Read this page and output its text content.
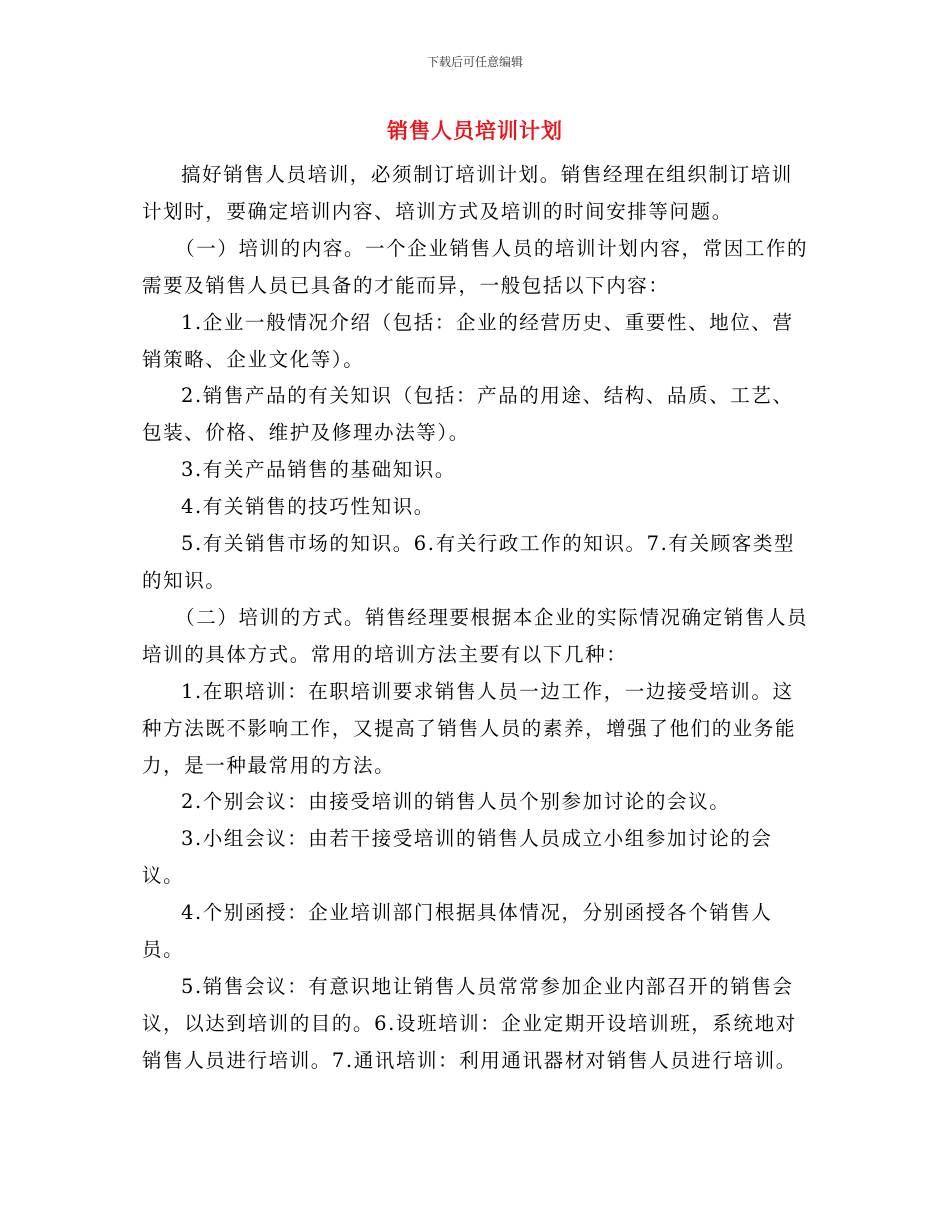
下载后可任意编辑
销售人员培训计划

搞好销售人员培训，必须制订培训计划。销售经理在组织制订培训计划时，要确定培训内容、培训方式及培训的时间安排等问题。

（一）培训的内容。一个企业销售人员的培训计划内容，常因工作的需要及销售人员已具备的才能而异，一般包括以下内容：

1.企业一般情况介绍（包括：企业的经营历史、重要性、地位、营销策略、企业文化等）。

2.销售产品的有关知识（包括：产品的用途、结构、品质、工艺、包装、价格、维护及修理办法等）。

3.有关产品销售的基础知识。

4.有关销售的技巧性知识。

5.有关销售市场的知识。6.有关行政工作的知识。7.有关顾客类型的知识。

（二）培训的方式。销售经理要根据本企业的实际情况确定销售人员培训的具体方式。常用的培训方法主要有以下几种：

1.在职培训：在职培训要求销售人员一边工作，一边接受培训。这种方法既不影响工作，又提高了销售人员的素养，增强了他们的业务能力，是一种最常用的方法。

2.个别会议：由接受培训的销售人员个别参加讨论的会议。

3.小组会议：由若干接受培训的销售人员成立小组参加讨论的会议。

4.个别函授：企业培训部门根据具体情况，分别函授各个销售人员。

5.销售会议：有意识地让销售人员常常参加企业内部召开的销售会议，以达到培训的目的。6.设班培训：企业定期开设培训班，系统地对销售人员进行培训。7.通讯培训：利用通讯器材对销售人员进行培训。
